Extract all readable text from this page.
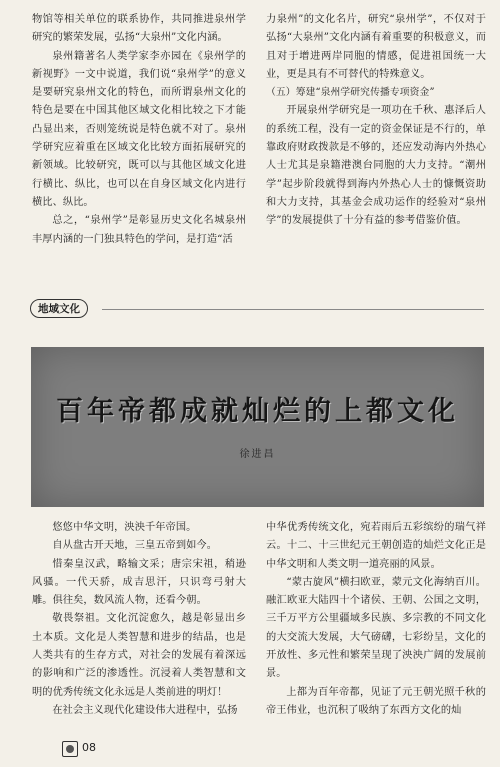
物馆等相关单位的联系协作，共同推进泉州学研究的繁荣发展，弘扬“大泉州”文化内涵。

泉州籍著名人类学家李亦园在《泉州学的新视野》一文中说道，我们说“泉州学”的意义是要研究泉州文化的特色，而所谓泉州文化的特色是要在中国其他区域文化相比较之下才能凸显出来，否则笼统说是特色就不对了。泉州学研究应着重在区域文化比较方面拓展研究的新领域。比较研究，既可以与其他区域文化进行横比、纵比，也可以在自身区域文化内进行横比、纵比。

总之，“泉州学”是彰显历史文化名城泉州丰厚内涵的一门独具特色的学问，是打造“活

力泉州”的文化名片，研究“泉州学”，不仅对于弘扬“大泉州”文化内涵有着重要的积极意义，而且对于增进两岸同胞的情感，促进祖国统一大业，更是具有不可替代的特殊意义。

（五）筹建“泉州学研究传播专项资金”

开展泉州学研究是一项功在千秋、惠泽后人的系统工程，没有一定的资金保证是不行的，单靠政府财政拨款是不够的，还应发动海内外热心人士尤其是泉籍港澳台同胞的大力支持。“潮州学”起步阶段就得到海内外热心人士的慷慨资助和大力支持，其基金会成功运作的经验对“泉州学”的发展提供了十分有益的参考借鉴价值。

地域文化
百年帝都成就灿烂的上都文化
徐进昌

悠悠中华文明，泱泱千年帝国。

自从盘古开天地，三皇五帝到如今。

惜秦皇汉武，略输文采；唐宗宋祖，稍逊风骚。一代天骄，成吉思汗，只识弯弓射大雕。俱往矣，数风流人物，还看今朝。

敬畏祭祖。文化沉淀愈久，越是彰显出乡土本质。文化是人类智慧和进步的结晶，也是人类共有的生存方式，对社会的发展有着深远的影响和广泛的渗透性。沉浸着人类智慧和文明的优秀传统文化永远是人类前进的明灯！

在社会主义现代化建设伟大进程中，弘扬

中华优秀传统文化，宛若雨后五彩缤纷的瑞气祥云。十二、十三世纪元王朝创造的灿烂文化正是中华文明和人类文明一道亮丽的风景。

“蒙古旋风”横扫欧亚，蒙元文化海纳百川。融汇欧亚大陆四十个诸侯、王朝、公国之文明，三千万平方公里疆域多民族、多宗教的不同文化的大交流大发展，大气磅礴，七彩纷呈，文化的开放性、多元性和繁荣呈现了泱泱广阔的发展前景。

上都为百年帝都，见证了元王朝光照千秋的帝王伟业，也沉积了吸纳了东西方文化的灿

08
